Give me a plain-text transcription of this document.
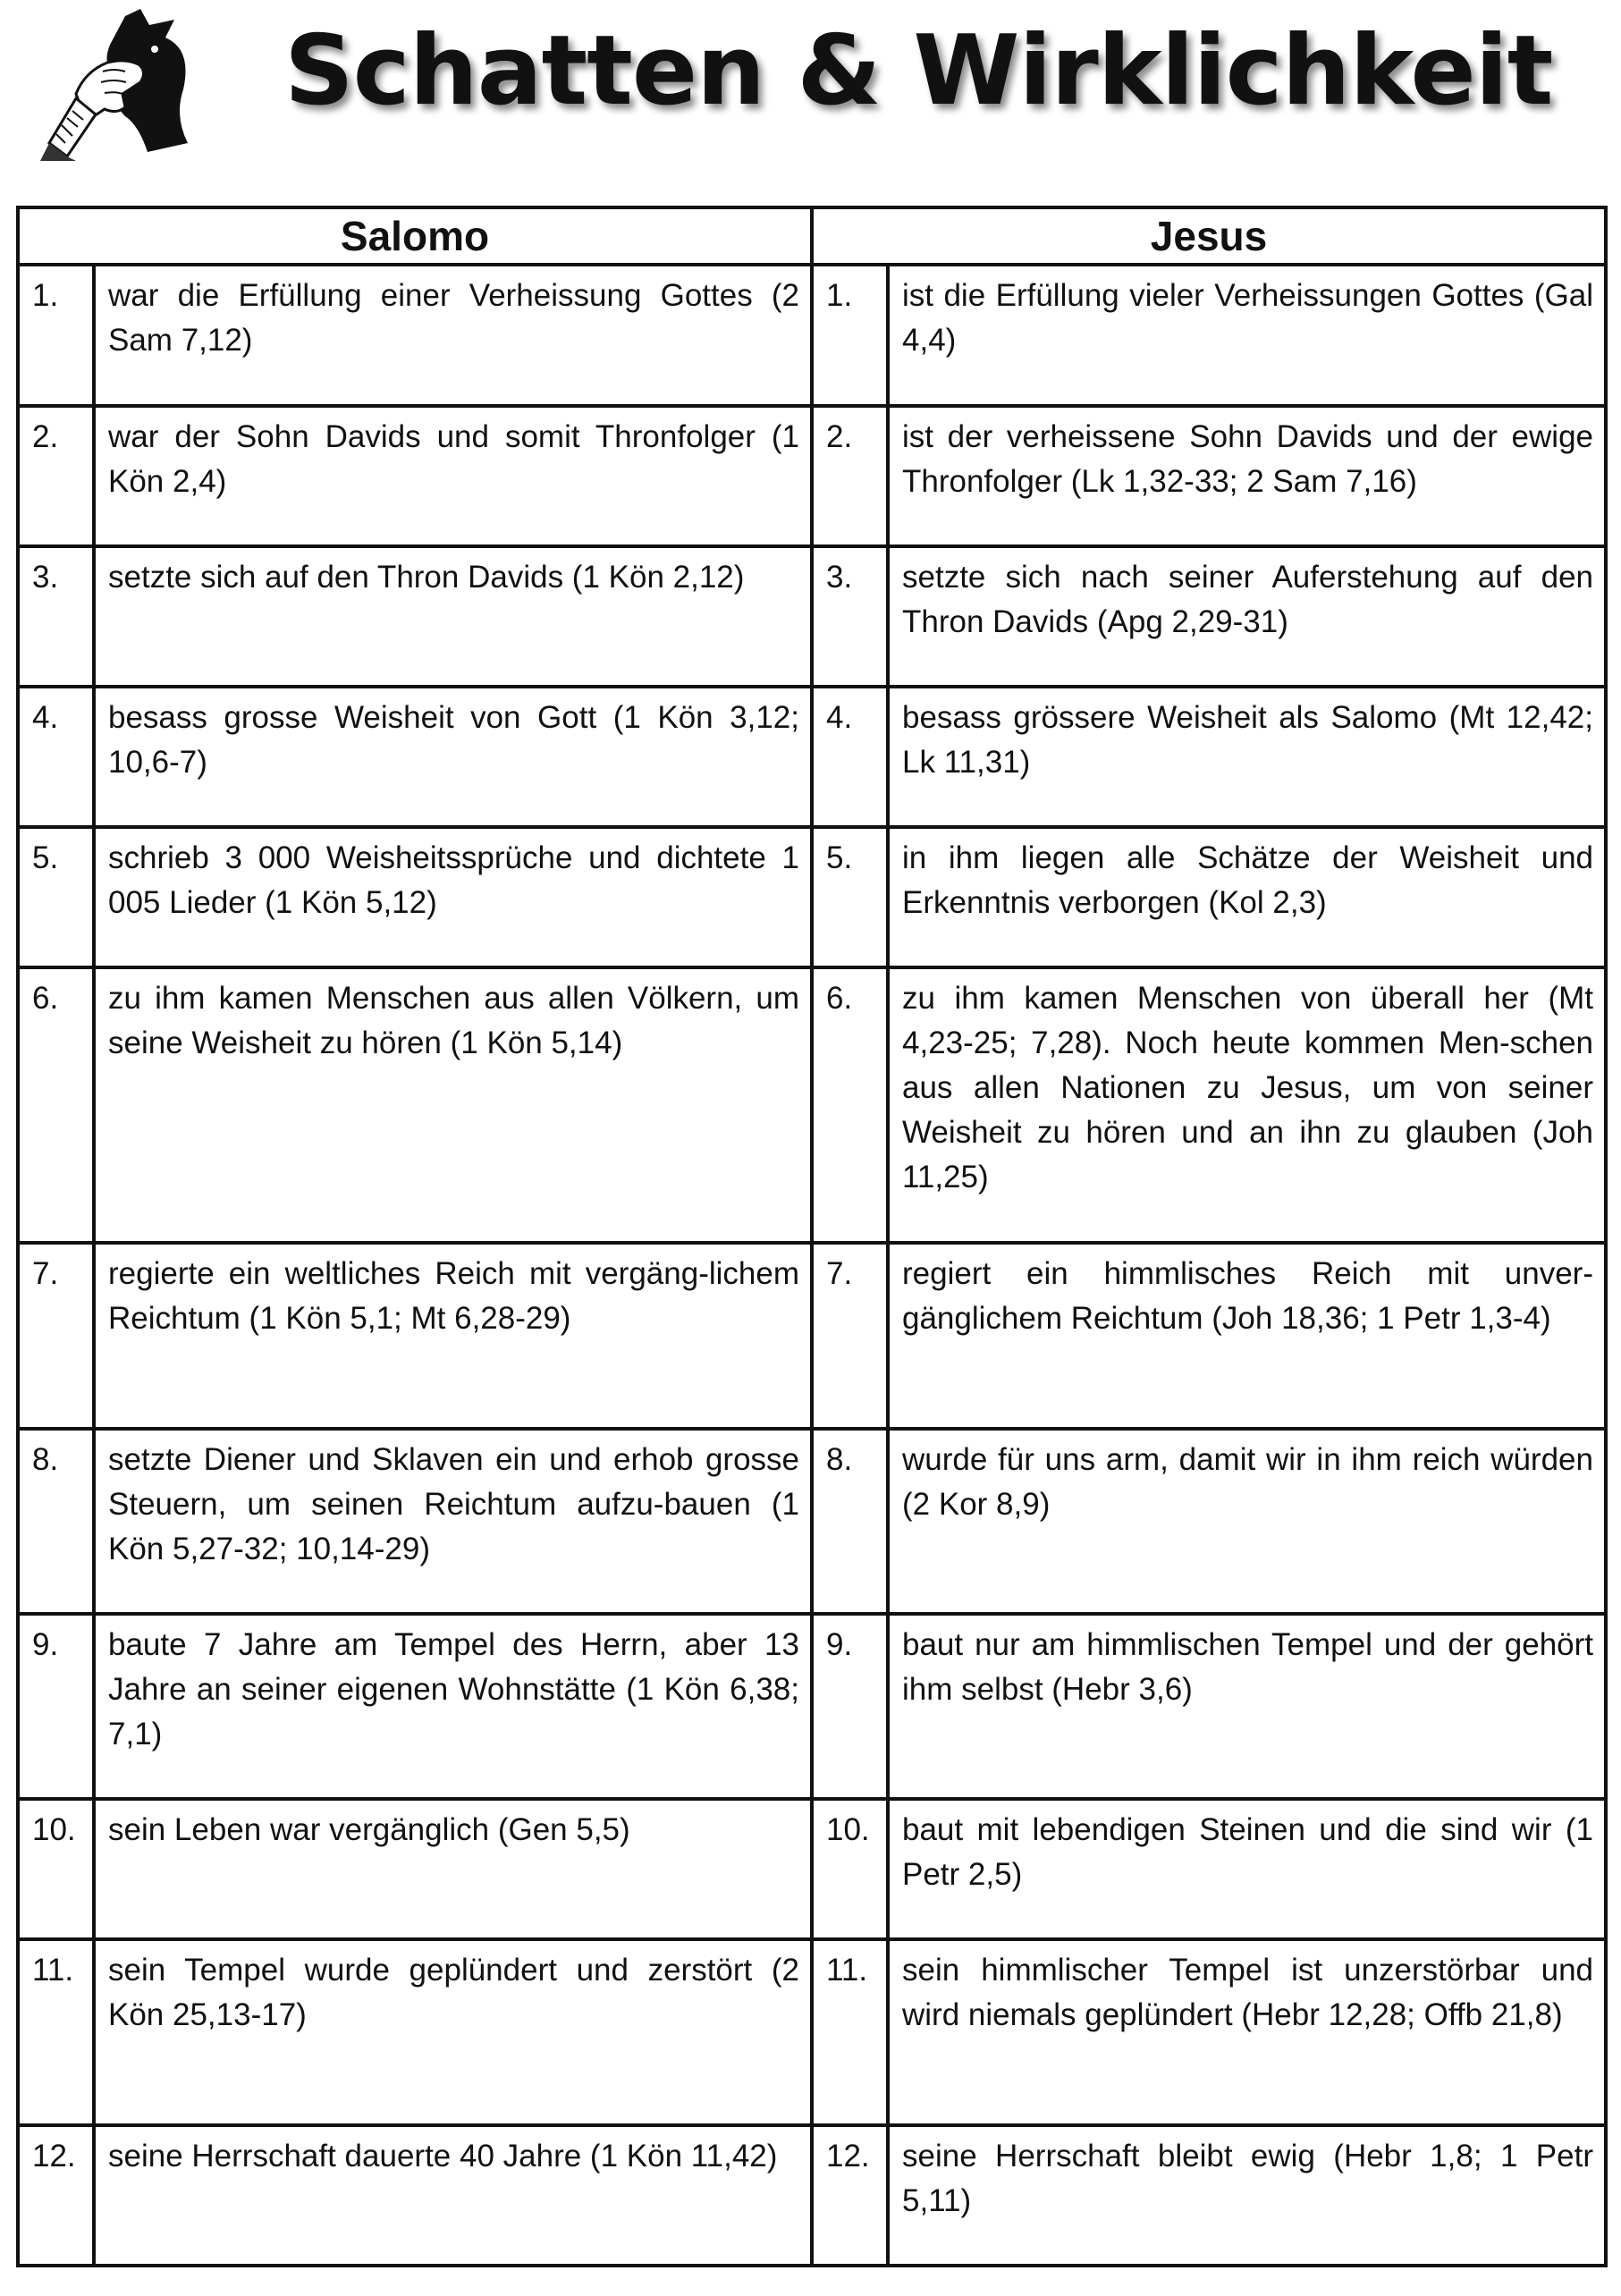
Schatten & Wirklichkeit
Salomo		Jesus	
1.	war die Erfüllung einer Verheissung Gottes (2 Sam 7,12)	1.	ist die Erfüllung vieler Verheissungen Gottes (Gal 4,4)
2.	war der Sohn Davids und somit Thronfolger (1 Kön 2,4)	2.	ist der verheissene Sohn Davids und der ewige Thronfolger (Lk 1,32-33; 2 Sam 7,16)
3.	setzte sich auf den Thron Davids (1 Kön 2,12)	3.	setzte sich nach seiner Auferstehung auf den Thron Davids (Apg 2,29-31)
4.	besass grosse Weisheit von Gott (1 Kön 3,12; 10,6-7)	4.	besass grössere Weisheit als Salomo (Mt 12,42; Lk 11,31)
5.	schrieb 3 000 Weisheitssprüche und dichtete 1 005 Lieder (1 Kön 5,12)	5.	in ihm liegen alle Schätze der Weisheit und Erkenntnis verborgen (Kol 2,3)
6.	zu ihm kamen Menschen aus allen Völkern, um seine Weisheit zu hören (1 Kön 5,14)	6.	zu ihm kamen Menschen von überall her (Mt 4,23-25; 7,28). Noch heute kommen Men-schen aus allen Nationen zu Jesus, um von seiner Weisheit zu hören und an ihn zu glauben (Joh 11,25)
7.	regierte ein weltliches Reich mit vergäng-lichem Reichtum (1 Kön 5,1; Mt 6,28-29)	7.	regiert ein himmlisches Reich mit unver-gänglichem Reichtum (Joh 18,36; 1 Petr 1,3-4)
8.	setzte Diener und Sklaven ein und erhob grosse Steuern, um seinen Reichtum aufzu-bauen (1 Kön 5,27-32; 10,14-29)	8.	wurde für uns arm, damit wir in ihm reich würden (2 Kor 8,9)
9.	baute 7 Jahre am Tempel des Herrn, aber 13 Jahre an seiner eigenen Wohnstätte (1 Kön 6,38; 7,1)	9.	baut nur am himmlischen Tempel und der gehört ihm selbst (Hebr 3,6)
10.	sein Leben war vergänglich (Gen 5,5)	10.	baut mit lebendigen Steinen und die sind wir (1 Petr 2,5)
11.	sein Tempel wurde geplündert und zerstört (2 Kön 25,13-17)	11.	sein himmlischer Tempel ist unzerstörbar und wird niemals geplündert (Hebr 12,28; Offb 21,8)
12.	seine Herrschaft dauerte 40 Jahre (1 Kön 11,42)	12.	seine Herrschaft bleibt ewig (Hebr 1,8; 1 Petr 5,11)
